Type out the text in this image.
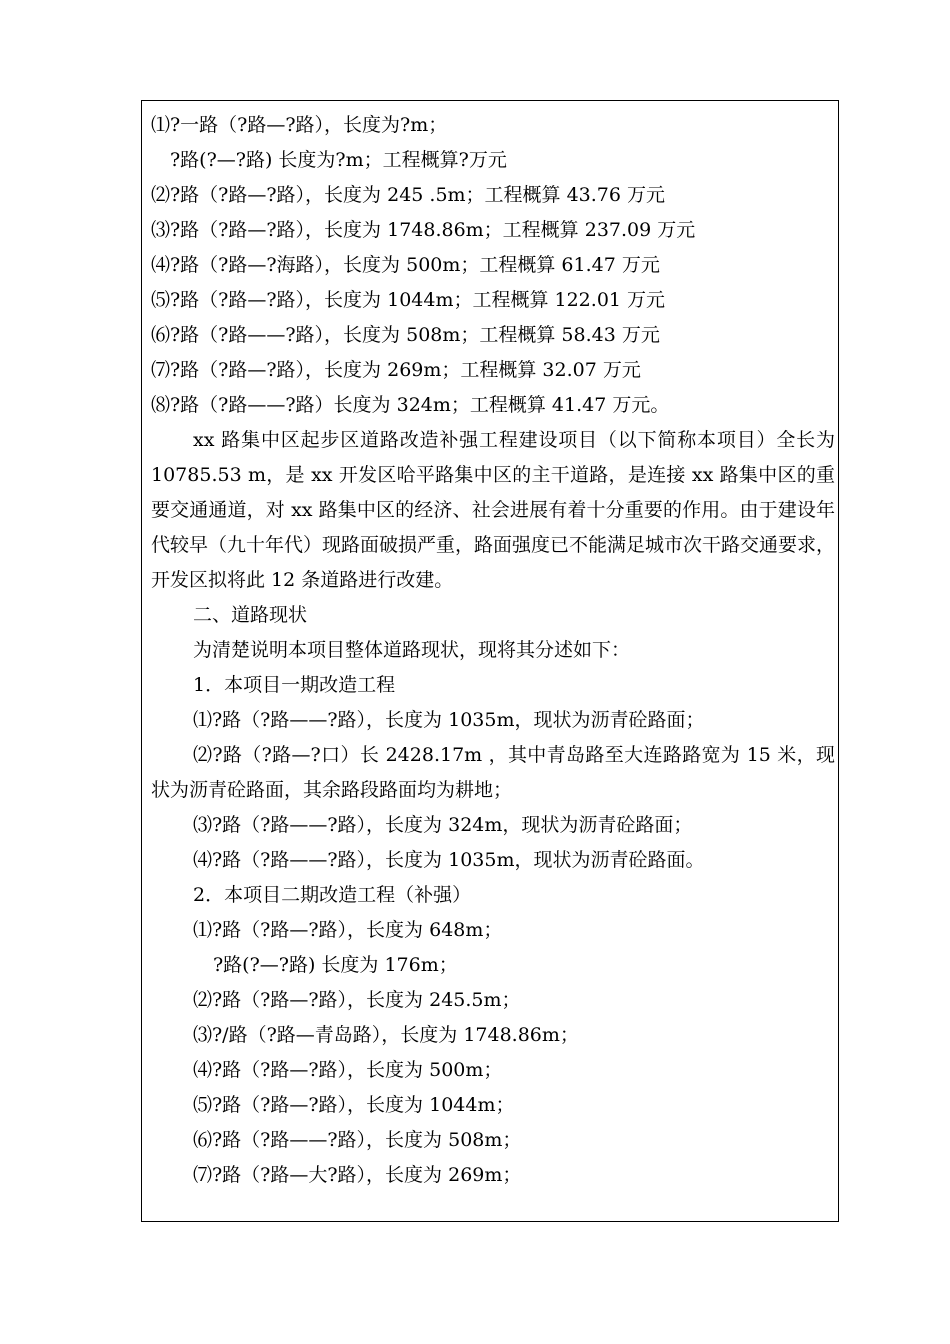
⑴?一路（?路—?路），长度为?m；
?路(?—?路) 长度为?m；工程概算?万元
⑵?路（?路—?路），长度为 245 .5m；工程概算 43.76 万元
⑶?路（?路—?路），长度为 1748.86m；工程概算 237.09 万元
⑷?路（?路—?海路），长度为 500m；工程概算 61.47 万元
⑸?路（?路—?路），长度为 1044m；工程概算 122.01 万元
⑹?路（?路——?路），长度为 508m；工程概算 58.43 万元
⑺?路（?路—?路），长度为 269m；工程概算 32.07 万元
⑻?路（?路——?路）长度为 324m；工程概算 41.47 万元。

xx 路集中区起步区道路改造补强工程建设项目（以下简称本项目）全长为 10785.53 m，是 xx 开发区哈平路集中区的主干道路，是连接 xx 路集中区的重要交通通道，对 xx 路集中区的经济、社会进展有着十分重要的作用。由于建设年代较早（九十年代）现路面破损严重，路面强度已不能满足城市次干路交通要求，开发区拟将此 12 条道路进行改建。

二、道路现状
为清楚说明本项目整体道路现状，现将其分述如下：
1．本项目一期改造工程
⑴?路（?路——?路），长度为 1035m，现状为沥青砼路面；

⑵?路（?路—?口）长 2428.17m ，其中青岛路至大连路路宽为 15 米，现状为沥青砼路面，其余路段路面均为耕地；

⑶?路（?路——?路），长度为 324m，现状为沥青砼路面；
⑷?路（?路——?路），长度为 1035m，现状为沥青砼路面。
2．本项目二期改造工程（补强）
⑴?路（?路—?路），长度为 648m；
?路(?—?路) 长度为 176m；
⑵?路（?路—?路），长度为 245.5m；
⑶?/路（?路—青岛路），长度为 1748.86m；
⑷?路（?路—?路），长度为 500m；
⑸?路（?路—?路），长度为 1044m；
⑹?路（?路——?路），长度为 508m；
⑺?路（?路—大?路），长度为 269m；
